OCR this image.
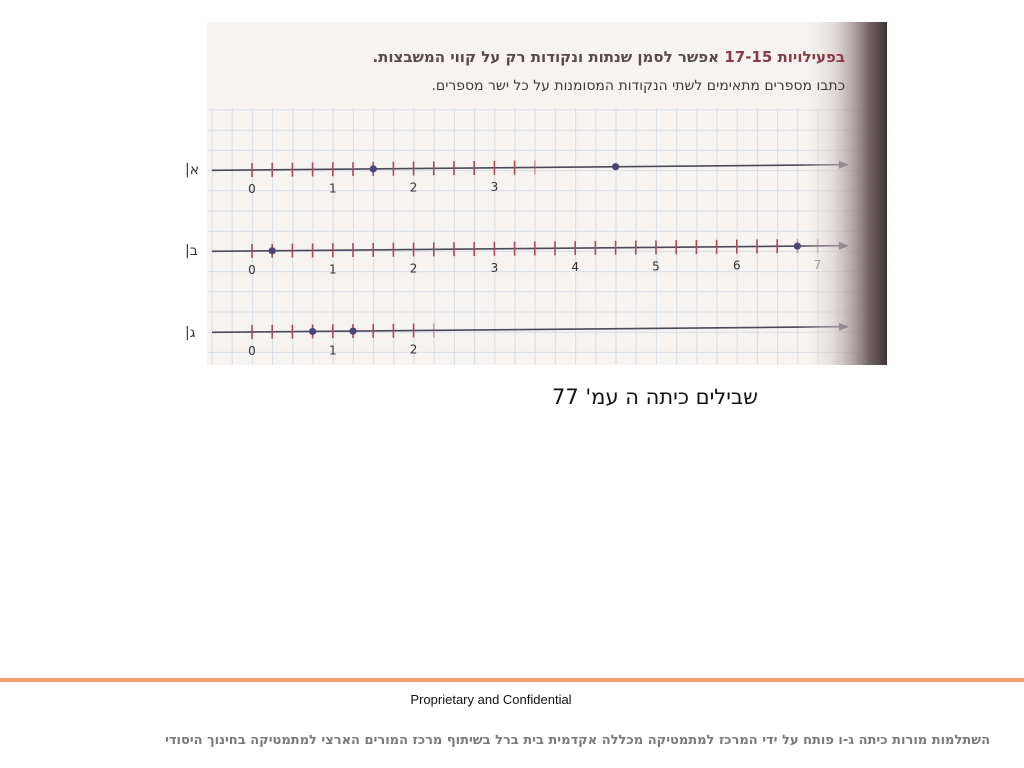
0	1	2	3
0	1	2	3	4	5	6
0	1	2
בפעילויות 17-15 אפשר לסמן שנתות ונקודות רק על קווי המשבצות.
כתבו מספרים מתאימים לשתי הנקודות המסומנות על כל ישר מספרים.
א|
ב|
ג|
שבילים כיתה ה עמ' 77
Proprietary and Confidential
השתלמות מורות כיתה ג-ו פותח על ידי המרכז למתמטיקה מכללה אקדמית בית ברל בשיתוף מרכז המורים הארצי למתמטיקה בחינוך היסודי
